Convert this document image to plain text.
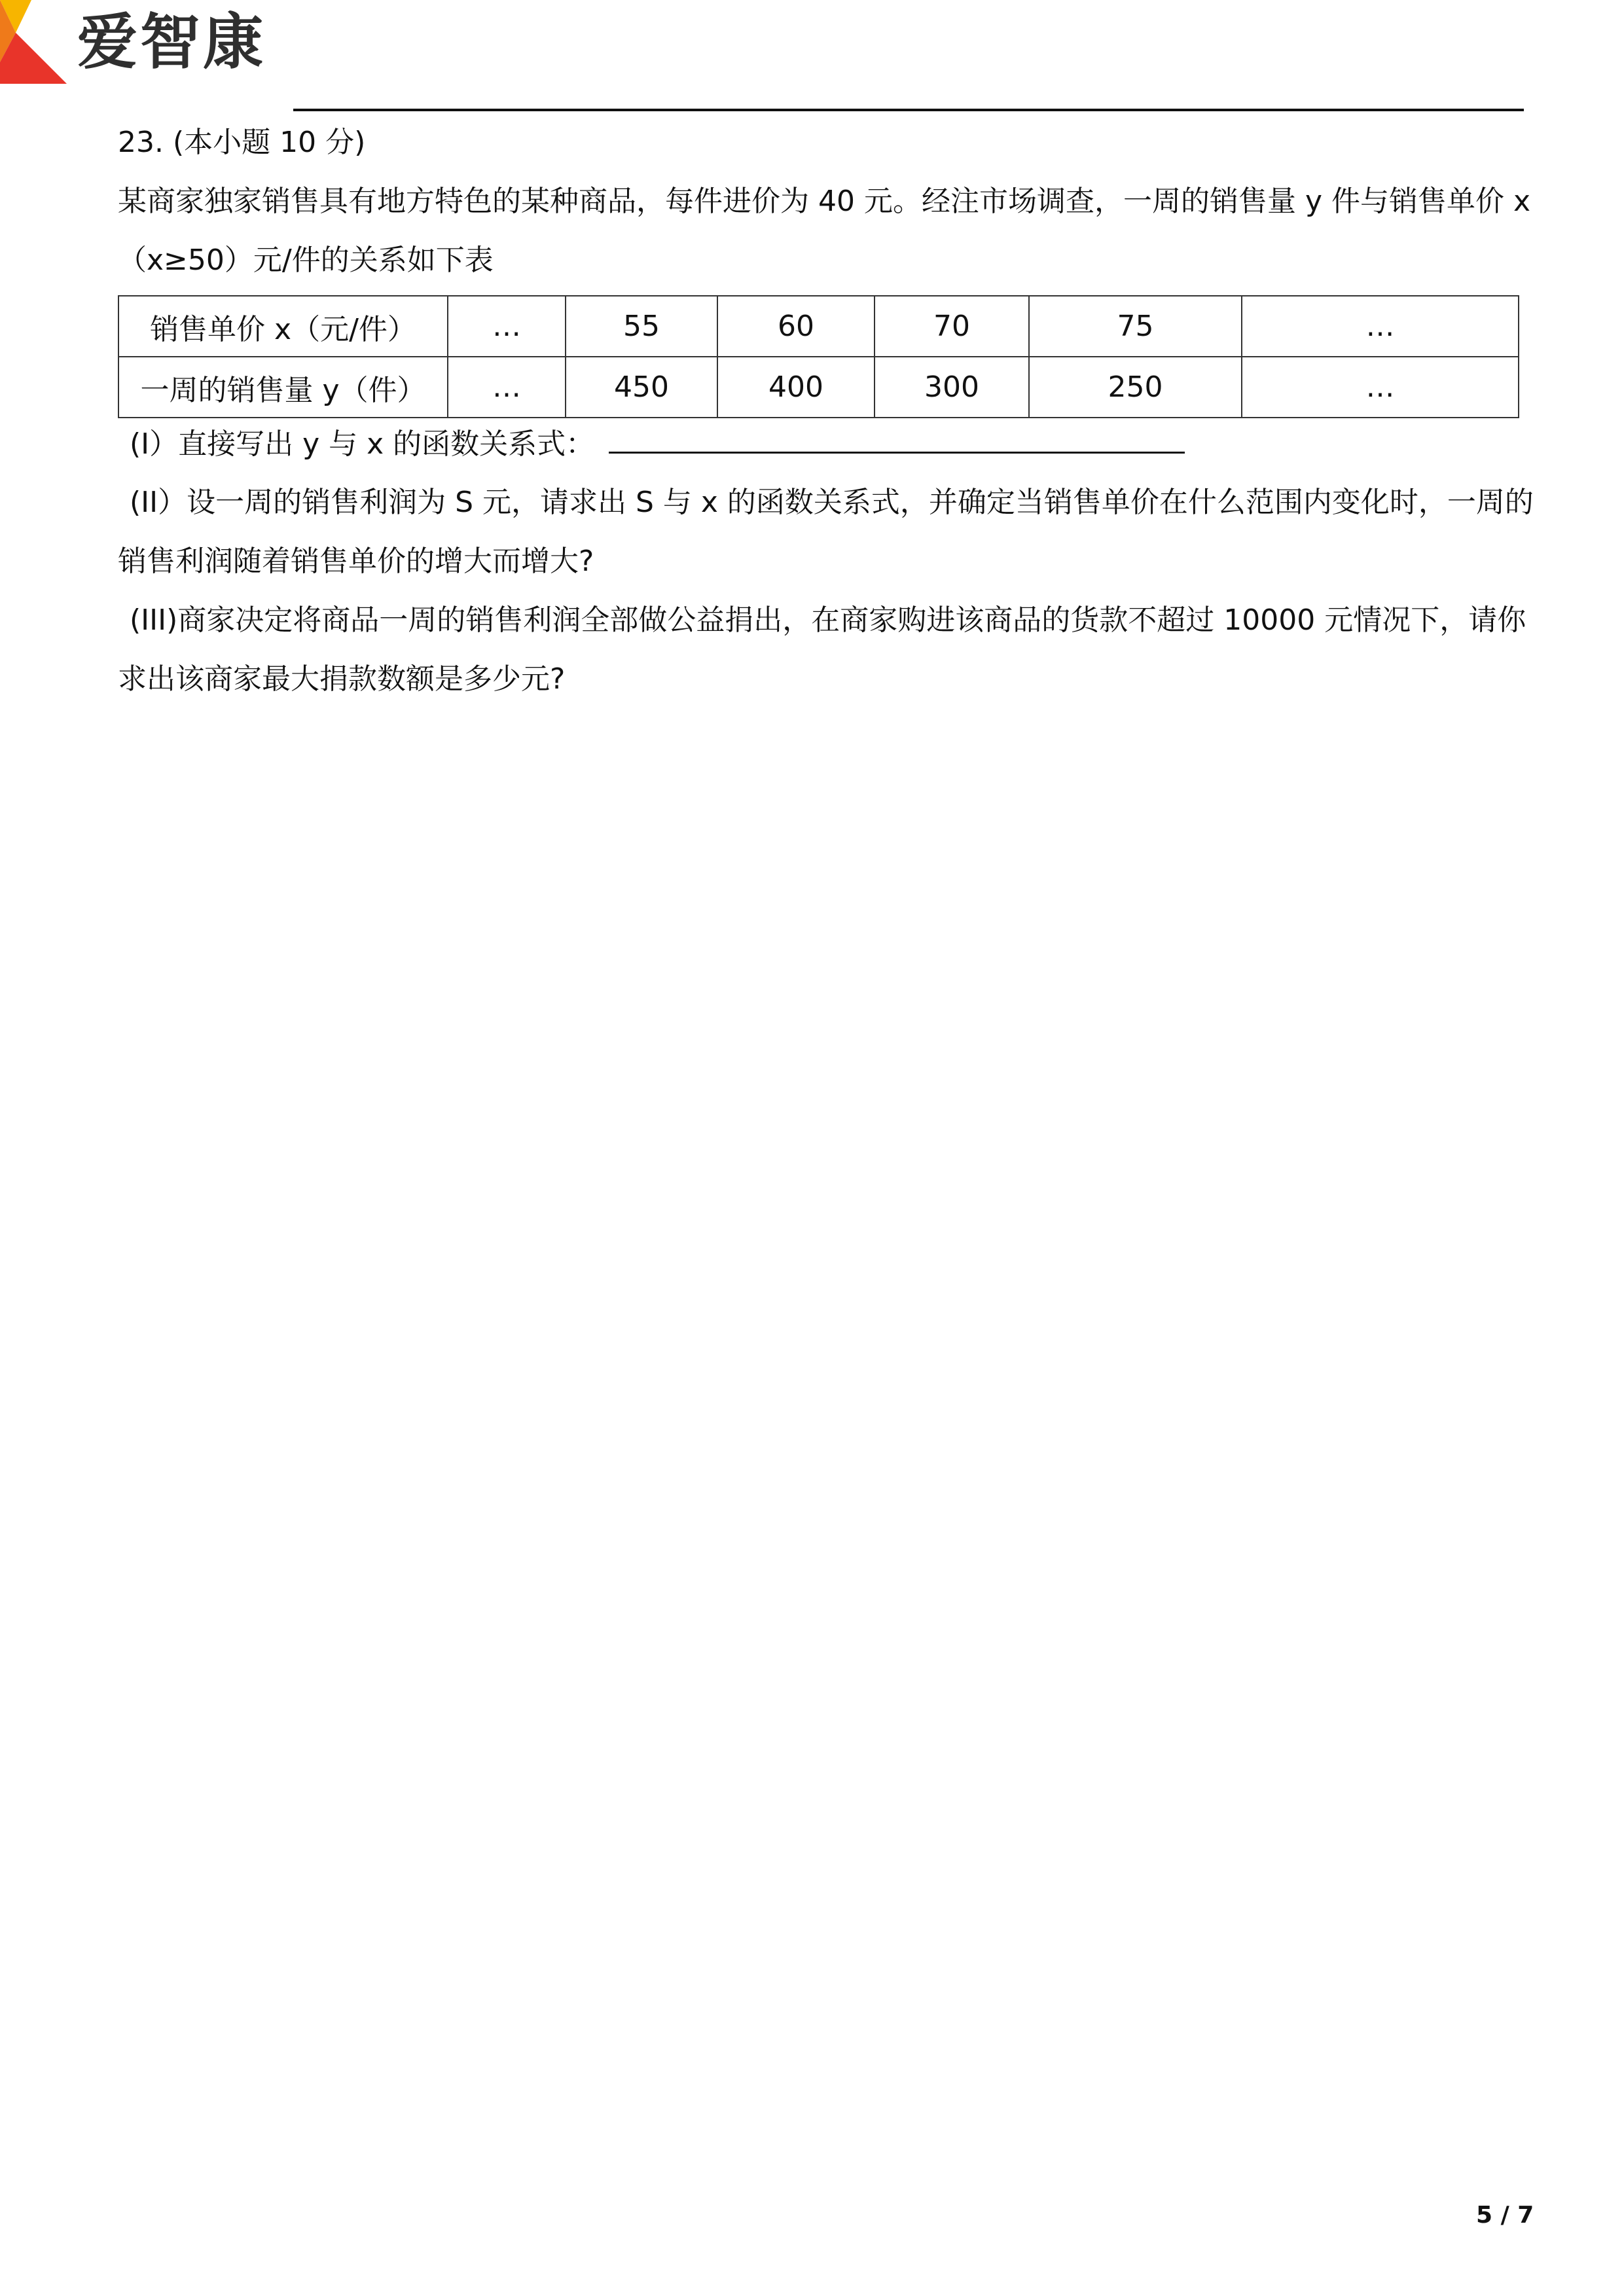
爱智康
23. (本小题 10 分)
某商家独家销售具有地方特色的某种商品，每件进价为 40 元。经注市场调查，一周的销售量 y 件与销售单价 x
（x≥50）元/件的关系如下表
销售单价 x（元/件）	…	55	60	70	75	…
一周的销售量 y（件）	…	450	400	300	250	…
(I）直接写出 y 与 x 的函数关系式：
(II）设一周的销售利润为 S 元，请求出 S 与 x 的函数关系式，并确定当销售单价在什么范围内变化时，一周的
销售利润随着销售单价的增大而增大?
(III)商家决定将商品一周的销售利润全部做公益捐出，在商家购进该商品的货款不超过 10000 元情况下，请你
求出该商家最大捐款数额是多少元?
5 / 7
